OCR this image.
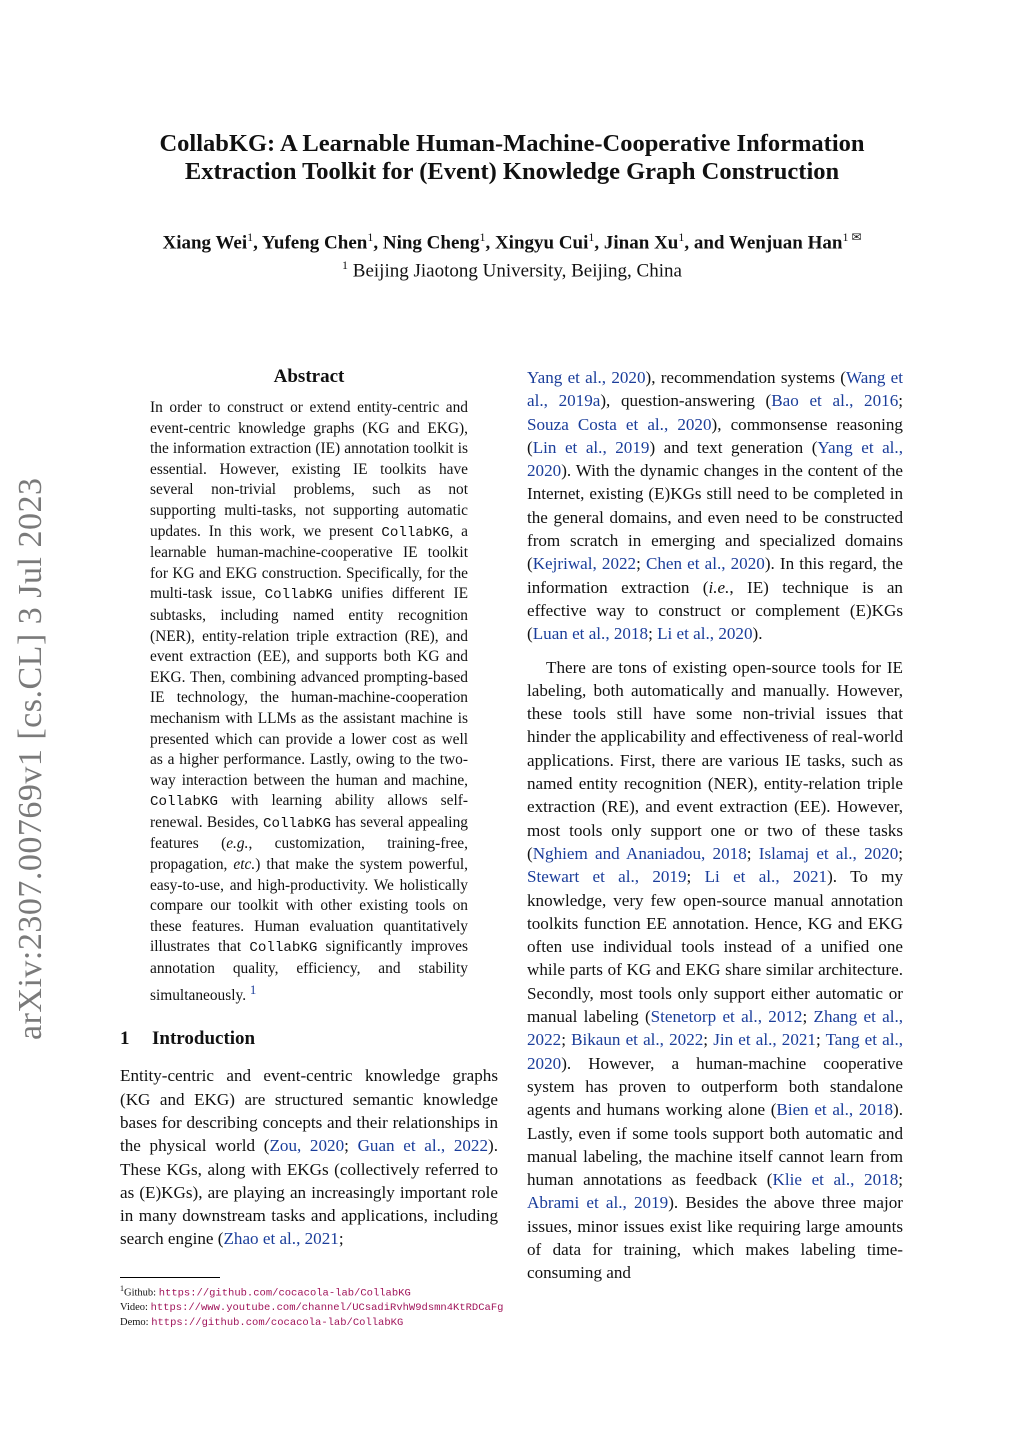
arXiv:2307.00769v1 [cs.CL] 3 Jul 2023
CollabKG: A Learnable Human-Machine-Cooperative Information
Extraction Toolkit for (Event) Knowledge Graph Construction
Xiang Wei$^1$, Yufeng Chen$^1$, Ning Cheng$^1$, Xingyu Cui$^1$, Jinan Xu$^1$, and Wenjuan Han$^{1 ✉}$
$^1$ Beijing Jiaotong University, Beijing, China
Abstract

In order to construct or extend entity-centric and event-centric knowledge graphs (KG and EKG), the information extraction (IE) annotation toolkit is essential. However, existing IE toolkits have several non-trivial problems, such as not supporting multi-tasks, not supporting automatic updates. In this work, we present CollabKG, a learnable human-machine-cooperative IE toolkit for KG and EKG construction. Specifically, for the multi-task issue, CollabKG unifies different IE subtasks, including named entity recognition (NER), entity-relation triple extraction (RE), and event extraction (EE), and supports both KG and EKG. Then, combining advanced prompting-based IE technology, the human-machine-cooperation mechanism with LLMs as the assistant machine is presented which can provide a lower cost as well as a higher performance. Lastly, owing to the two-way interaction between the human and machine, CollabKG with learning ability allows self-renewal. Besides, CollabKG has several appealing features (e.g., customization, training-free, propagation, etc.) that make the system powerful, easy-to-use, and high-productivity. We holistically compare our toolkit with other existing tools on these features. Human evaluation quantitatively illustrates that CollabKG significantly improves annotation quality, efficiency, and stability simultaneously. $^1$

1 Introduction

Entity-centric and event-centric knowledge graphs (KG and EKG) are structured semantic knowledge bases for describing concepts and their relationships in the physical world (Zou, 2020; Guan et al., 2022). These KGs, along with EKGs (collectively referred to as (E)KGs), are playing an increasingly important role in many downstream tasks and applications, including search engine (Zhao et al., 2021;

$^1$Github: https://github.com/cocacola-lab/CollabKG
Video: https://www.youtube.com/channel/UCsadiRvhW9dsmn4KtRDCaFg
Demo: https://github.com/cocacola-lab/CollabKG

Yang et al., 2020), recommendation systems (Wang et al., 2019a), question-answering (Bao et al., 2016; Souza Costa et al., 2020), commonsense reasoning (Lin et al., 2019) and text generation (Yang et al., 2020). With the dynamic changes in the content of the Internet, existing (E)KGs still need to be completed in the general domains, and even need to be constructed from scratch in emerging and specialized domains (Kejriwal, 2022; Chen et al., 2020). In this regard, the information extraction (i.e., IE) technique is an effective way to construct or complement (E)KGs (Luan et al., 2018; Li et al., 2020).

There are tons of existing open-source tools for IE labeling, both automatically and manually. However, these tools still have some non-trivial issues that hinder the applicability and effectiveness of real-world applications. First, there are various IE tasks, such as named entity recognition (NER), entity-relation triple extraction (RE), and event extraction (EE). However, most tools only support one or two of these tasks (Nghiem and Ananiadou, 2018; Islamaj et al., 2020; Stewart et al., 2019; Li et al., 2021). To my knowledge, very few open-source manual annotation toolkits function EE annotation. Hence, KG and EKG often use individual tools instead of a unified one while parts of KG and EKG share similar architecture. Secondly, most tools only support either automatic or manual labeling (Stenetorp et al., 2012; Zhang et al., 2022; Bikaun et al., 2022; Jin et al., 2021; Tang et al., 2020). However, a human-machine cooperative system has proven to outperform both standalone agents and humans working alone (Bien et al., 2018). Lastly, even if some tools support both automatic and manual labeling, the machine itself cannot learn from human annotations as feedback (Klie et al., 2018; Abrami et al., 2019). Besides the above three major issues, minor issues exist like requiring large amounts of data for training, which makes labeling time-consuming and
